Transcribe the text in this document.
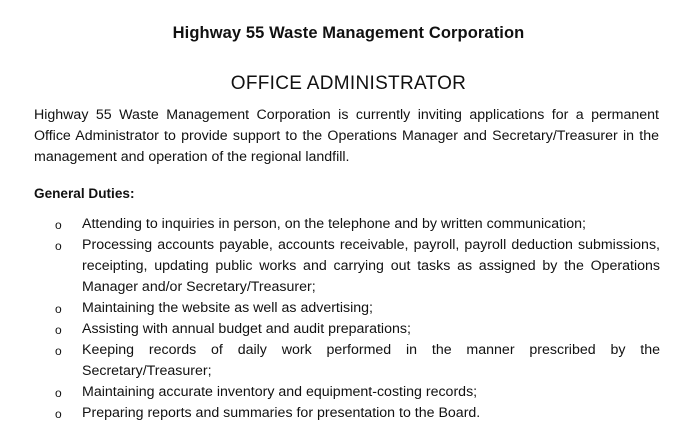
Highway 55 Waste Management Corporation
OFFICE ADMINISTRATOR

Highway 55 Waste Management Corporation is currently inviting applications for a permanent Office Administrator to provide support to the Operations Manager and Secretary/Treasurer in the management and operation of the regional landfill.

General Duties:
o Attending to inquiries in person, on the telephone and by written communication;
o Processing accounts payable, accounts receivable, payroll, payroll deduction submissions, receipting, updating public works and carrying out tasks as assigned by the Operations Manager and/or Secretary/Treasurer;
o Maintaining the website as well as advertising;
o Assisting with annual budget and audit preparations;
o Keeping records of daily work performed in the manner prescribed by the Secretary/Treasurer;
o Maintaining accurate inventory and equipment-costing records;
o Preparing reports and summaries for presentation to the Board.
